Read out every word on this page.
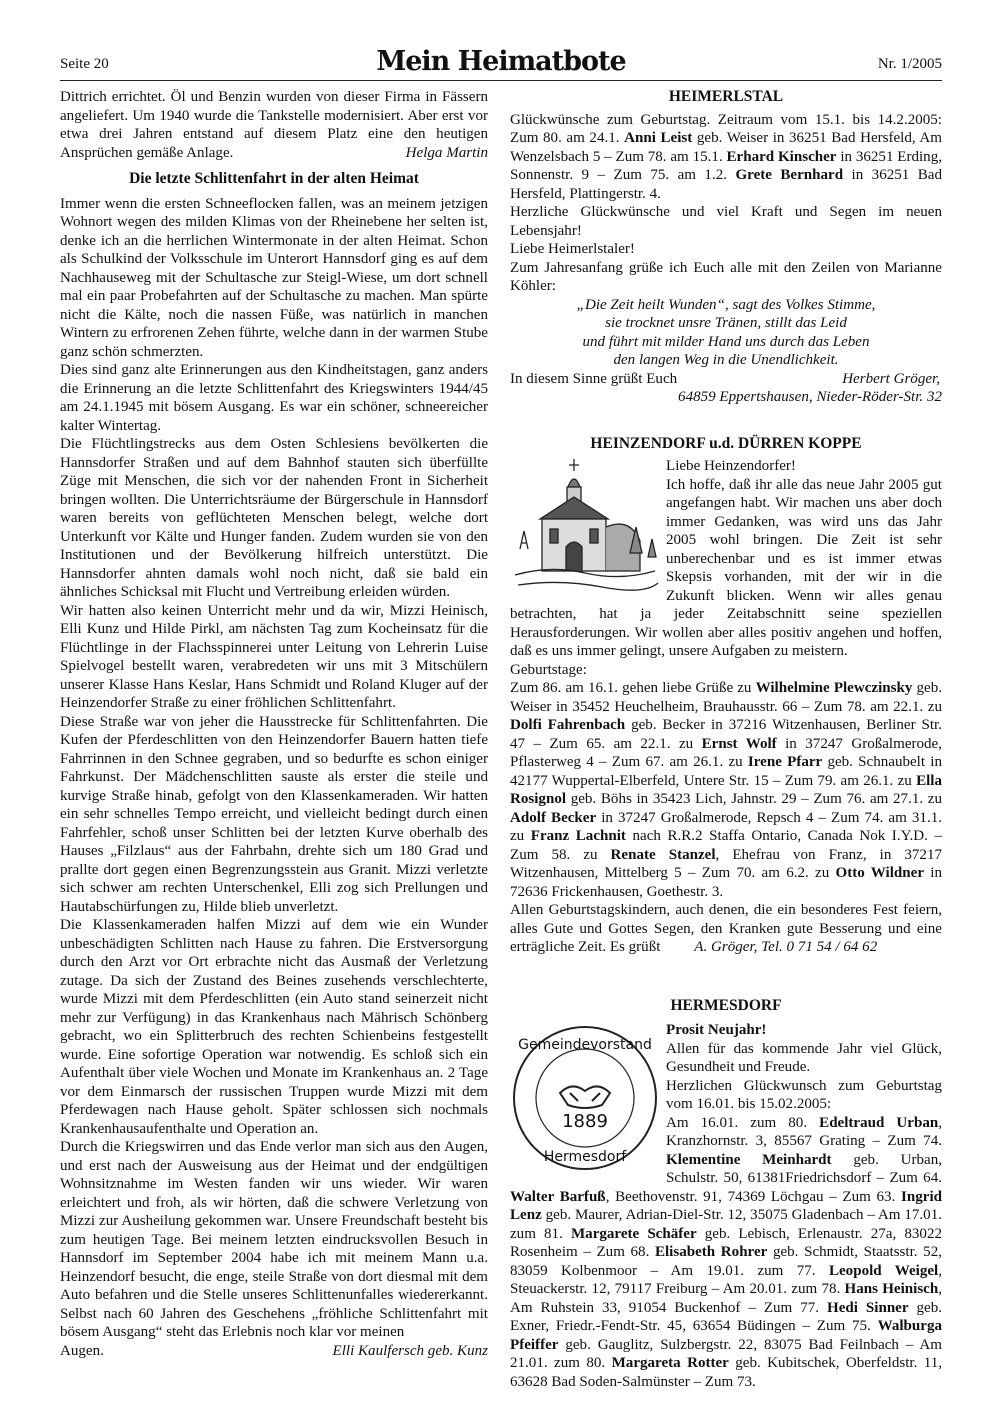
Seite 20	Mein Heimatbote	Nr. 1/2005

Dittrich errichtet. Öl und Benzin wurden von dieser Firma in Fässern angeliefert. Um 1940 wurde die Tankstelle modernisiert. Aber erst vor etwa drei Jahren entstand auf diesem Platz eine den heutigen Ansprüchen gemäße Anlage.	Helga Martin

Die letzte Schlittenfahrt in der alten Heimat

Immer wenn die ersten Schneeflocken fallen, was an meinem jetzigen Wohnort wegen des milden Klimas von der Rheinebene her selten ist, denke ich an die herrlichen Wintermonate in der alten Heimat. Schon als Schulkind der Volksschule im Unterort Hannsdorf ging es auf dem Nachhauseweg mit der Schultasche zur Steigl-Wiese, um dort schnell mal ein paar Probefahrten auf der Schultasche zu machen. Man spürte nicht die Kälte, noch die nassen Füße, was natürlich in manchen Wintern zu erfrorenen Zehen führte, welche dann in der warmen Stube ganz schön schmerzten.

Dies sind ganz alte Erinnerungen aus den Kindheitstagen, ganz anders die Erinnerung an die letzte Schlittenfahrt des Kriegswinters 1944/45 am 24.1.1945 mit bösem Ausgang. Es war ein schöner, schneereicher kalter Wintertag.

Die Flüchtlingstrecks aus dem Osten Schlesiens bevölkerten die Hannsdorfer Straßen und auf dem Bahnhof stauten sich überfüllte Züge mit Menschen, die sich vor der nahenden Front in Sicherheit bringen wollten. Die Unterrichtsräume der Bürgerschule in Hannsdorf waren bereits von geflüchteten Menschen belegt, welche dort Unterkunft vor Kälte und Hunger fanden. Zudem wurden sie von den Institutionen und der Bevölkerung hilfreich unterstützt. Die Hannsdorfer ahnten damals wohl noch nicht, daß sie bald ein ähnliches Schicksal mit Flucht und Vertreibung erleiden würden.

Wir hatten also keinen Unterricht mehr und da wir, Mizzi Heinisch, Elli Kunz und Hilde Pirkl, am nächsten Tag zum Kocheinsatz für die Flüchtlinge in der Flachsspinnerei unter Leitung von Lehrerin Luise Spielvogel bestellt waren, verabredeten wir uns mit 3 Mitschülern unserer Klasse Hans Keslar, Hans Schmidt und Roland Kluger auf der Heinzendorfer Straße zu einer fröhlichen Schlittenfahrt.

Diese Straße war von jeher die Hausstrecke für Schlittenfahrten. Die Kufen der Pferdeschlitten von den Heinzendorfer Bauern hatten tiefe Fahrrinnen in den Schnee gegraben, und so bedurfte es schon einiger Fahrkunst. Der Mädchenschlitten sauste als erster die steile und kurvige Straße hinab, gefolgt von den Klassenkameraden. Wir hatten ein sehr schnelles Tempo erreicht, und vielleicht bedingt durch einen Fahrfehler, schoß unser Schlitten bei der letzten Kurve oberhalb des Hauses „Filzlaus“ aus der Fahrbahn, drehte sich um 180 Grad und prallte dort gegen einen Begrenzungsstein aus Granit. Mizzi verletzte sich schwer am rechten Unterschenkel, Elli zog sich Prellungen und Hautabschürfungen zu, Hilde blieb unverletzt.

Die Klassenkameraden halfen Mizzi auf dem wie ein Wunder unbeschädigten Schlitten nach Hause zu fahren. Die Erstversorgung durch den Arzt vor Ort erbrachte nicht das Ausmaß der Verletzung zutage. Da sich der Zustand des Beines zusehends verschlechterte, wurde Mizzi mit dem Pferdeschlitten (ein Auto stand seinerzeit nicht mehr zur Verfügung) in das Krankenhaus nach Mährisch Schönberg gebracht, wo ein Splitterbruch des rechten Schienbeins festgestellt wurde. Eine sofortige Operation war notwendig. Es schloß sich ein Aufenthalt über viele Wochen und Monate im Krankenhaus an. 2 Tage vor dem Einmarsch der russischen Truppen wurde Mizzi mit dem Pferdewagen nach Hause geholt. Später schlossen sich nochmals Krankenhausaufenthalte und Operation an.

Durch die Kriegswirren und das Ende verlor man sich aus den Augen, und erst nach der Ausweisung aus der Heimat und der endgültigen Wohnsitznahme im Westen fanden wir uns wieder. Wir waren erleichtert und froh, als wir hörten, daß die schwere Verletzung von Mizzi zur Ausheilung gekommen war. Unsere Freundschaft besteht bis zum heutigen Tage. Bei meinem letzten eindrucksvollen Besuch in Hannsdorf im September 2004 habe ich mit meinem Mann u.a. Heinzendorf besucht, die enge, steile Straße von dort diesmal mit dem Auto befahren und die Stelle unseres Schlittenunfalles wiedererkannt. Selbst nach 60 Jahren des Geschehens „fröhliche Schlittenfahrt mit bösem Ausgang“ steht das Erlebnis noch klar vor meinen

Augen.	Elli Kaulfersch geb. Kunz

HEIMERLSTAL

Glückwünsche zum Geburtstag. Zeitraum vom 15.1. bis 14.2.2005: Zum 80. am 24.1. Anni Leist geb. Weiser in 36251 Bad Hersfeld, Am Wenzelsbach 5 – Zum 78. am 15.1. Erhard Kinscher in 36251 Erding, Sonnenstr. 9 – Zum 75. am 1.2. Grete Bernhard in 36251 Bad Hersfeld, Plattingerstr. 4.

Herzliche Glückwünsche und viel Kraft und Segen im neuen Lebensjahr!

Liebe Heimerlstaler!

Zum Jahresanfang grüße ich Euch alle mit den Zeilen von Marianne Köhler:

„Die Zeit heilt Wunden“, sagt des Volkes Stimme,

sie trocknet unsre Tränen, stillt das Leid

und führt mit milder Hand uns durch das Leben

den langen Weg in die Unendlichkeit.

In diesem Sinne grüßt Euch	Herbert Gröger,

64859 Eppertshausen, Nieder-Röder-Str. 32

HEINZENDORF u.d. DÜRREN KOPPE

Liebe Heinzendorfer!

Ich hoffe, daß ihr alle das neue Jahr 2005 gut angefangen habt. Wir machen uns aber doch immer Gedanken, was wird uns das Jahr 2005 wohl bringen. Die Zeit ist sehr unberechenbar und es ist immer etwas Skepsis vorhanden, mit der wir in die Zukunft blicken. Wenn wir alles genau betrachten, hat ja jeder Zeitabschnitt seine speziellen Herausforderungen. Wir wollen aber alles positiv angehen und hoffen, daß es uns immer gelingt, unsere Aufgaben zu meistern.

Geburtstage:

Zum 86. am 16.1. gehen liebe Grüße zu Wilhelmine Plewczinsky geb. Weiser in 35452 Heuchelheim, Brauhausstr. 66 – Zum 78. am 22.1. zu Dolfi Fahrenbach geb. Becker in 37216 Witzenhausen, Berliner Str. 47 – Zum 65. am 22.1. zu Ernst Wolf in 37247 Großalmerode, Pflasterweg 4 – Zum 67. am 26.1. zu Irene Pfarr geb. Schnaubelt in 42177 Wuppertal-Elberfeld, Untere Str. 15 – Zum 79. am 26.1. zu Ella Rosignol geb. Böhs in 35423 Lich, Jahnstr. 29 – Zum 76. am 27.1. zu Adolf Becker in 37247 Großalmerode, Repsch 4 – Zum 74. am 31.1. zu Franz Lachnit nach R.R.2 Staffa Ontario, Canada Nok I.Y.D. – Zum 58. zu Renate Stanzel, Ehefrau von Franz, in 37217 Witzenhausen, Mittelberg 5 – Zum 70. am 6.2. zu Otto Wildner in 72636 Frickenhausen, Goethestr. 3.

Allen Geburtstagskindern, auch denen, die ein besonderes Fest feiern, alles Gute und Gottes Segen, den Kranken gute Besserung und eine erträgliche Zeit. Es grüßt A. Gröger, Tel. 0 71 54 / 64 62

HERMESDORF

1889
Gemeindevorstand
Hermesdorf

Prosit Neujahr!

Allen für das kommende Jahr viel Glück, Gesundheit und Freude.

Herzlichen Glückwunsch zum Geburtstag vom 16.01. bis 15.02.2005:

Am 16.01. zum 80. Edeltraud Urban, Kranzhornstr. 3, 85567 Grating – Zum 74. Klementine Meinhardt geb. Urban, Schulstr. 50, 61381Friedrichsdorf – Zum 64. Walter Barfuß, Beethovenstr. 91, 74369 Löchgau – Zum 63. Ingrid Lenz geb. Maurer, Adrian-Diel-Str. 12, 35075 Gladenbach – Am 17.01. zum 81. Margarete Schäfer geb. Lebisch, Erlenaustr. 27a, 83022 Rosenheim – Zum 68. Elisabeth Rohrer geb. Schmidt, Staatsstr. 52, 83059 Kolbenmoor – Am 19.01. zum 77. Leopold Weigel, Steuackerstr. 12, 79117 Freiburg – Am 20.01. zum 78. Hans Heinisch, Am Ruhstein 33, 91054 Buckenhof – Zum 77. Hedi Sinner geb. Exner, Friedr.-Fendt-Str. 45, 63654 Büdingen – Zum 75. Walburga Pfeiffer geb. Gauglitz, Sulzbergstr. 22, 83075 Bad Feilnbach – Am 21.01. zum 80. Margareta Rotter geb. Kubitschek, Oberfeldstr. 11, 63628 Bad Soden-Salmünster – Zum 73.
